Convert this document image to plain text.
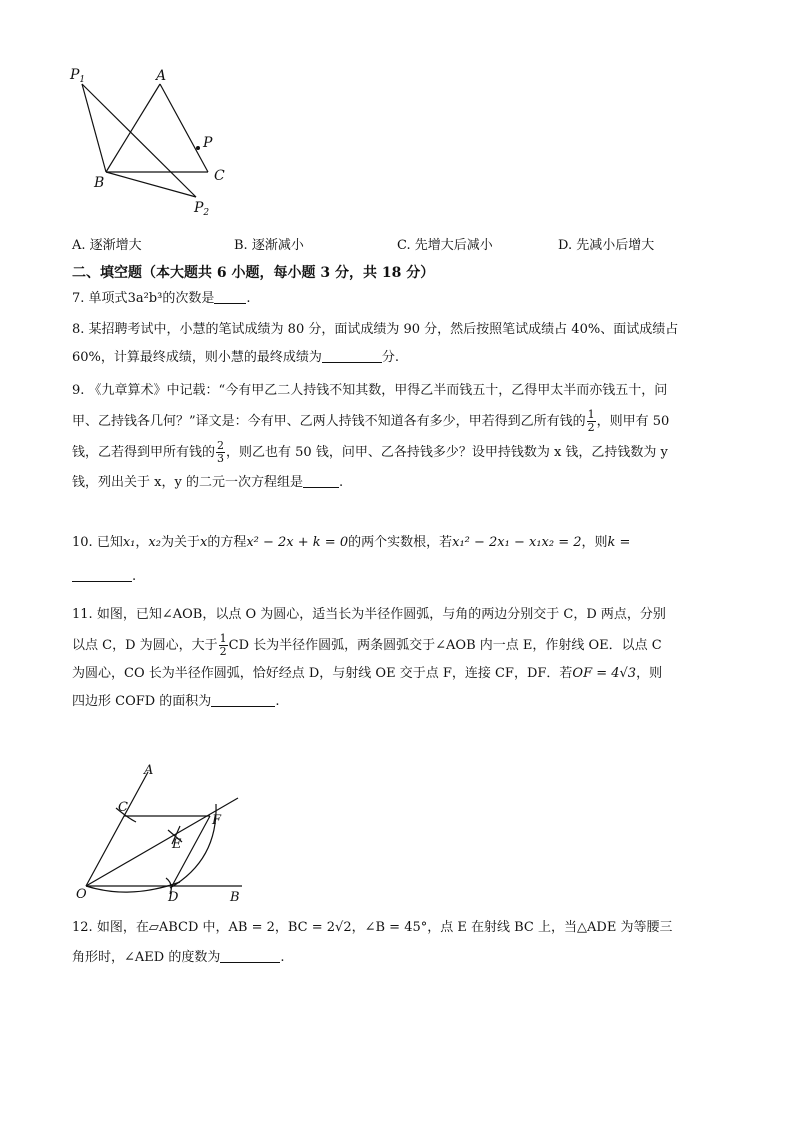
$P_1$	A
P
B	C
$P_2$
A. 逐渐增大	B. 逐渐减小	C. 先增大后减小	D. 先减小后增大
二、填空题（本大题共 6 小题，每小题 3 分，共 18 分）
7. 单项式3a²b³的次数是 .
8. 某招聘考试中，小慧的笔试成绩为 80 分，面试成绩为 90 分，然后按照笔试成绩占 40%、面试成绩占
60%，计算最终成绩，则小慧的最终成绩为	分.
9. 《九章算术》中记载：“今有甲乙二人持钱不知其数，甲得乙半而钱五十，乙得甲太半而亦钱五十，问
甲、乙持钱各几何？”译文是：今有甲、乙两人持钱不知道各有多少，甲若得到乙所有钱的 $\frac{1}{2}$ ，则甲有 50
钱，乙若得到甲所有钱的 $\frac{2}{3}$ ，则乙也有 50 钱，问甲、乙各持钱多少？设甲持钱数为 x 钱，乙持钱数为 y
钱，列出关于 x，y 的二元一次方程组是	.
10. 已知x₁，x₂为关于x的方程x² − 2x + k = 0的两个实数根，若x₁² − 2x₁ − x₁x₂ = 2，则k =
.
11. 如图，已知∠AOB，以点 O 为圆心，适当长为半径作圆弧，与角的两边分别交于 C，D 两点，分别
以点 C，D 为圆心，大于 $\frac{1}{2}$ CD 长为半径作圆弧，两条圆弧交于∠AOB 内一点 E，作射线 OE．以点 C
为圆心，CO 长为半径作圆弧，恰好经点 D，与射线 OE 交于点 F，连接 CF，DF．若OF = 4√3，则
四边形 COFD 的面积为	.
A
C
F
E
O	D	B
12. 如图，在▱ABCD 中，AB = 2，BC = 2√2，∠B = 45°，点 E 在射线 BC 上，当△ADE 为等腰三
角形时，∠AED 的度数为	.
